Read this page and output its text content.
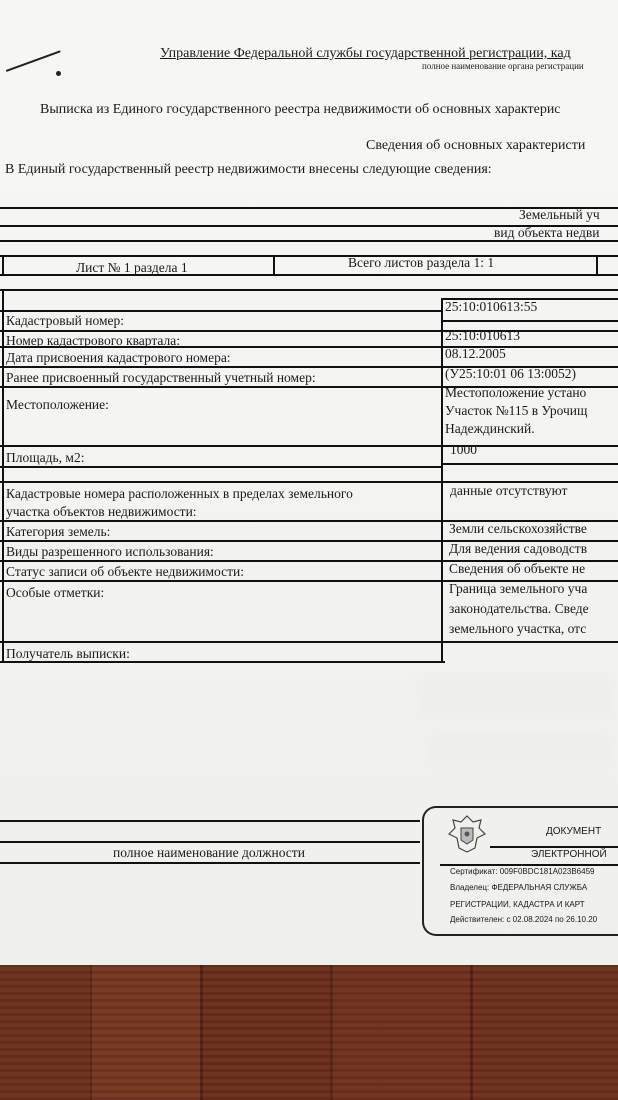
Управление Федеральной службы государственной регистрации, кад
полное наименование органа регистрации
Выписка из Единого государственного реестра недвижимости об основных характерис
Сведения об основных характеристи
В Единый государственный реестр недвижимости внесены следующие сведения:
Земельный уч
вид объекта недви
Лист № 1 раздела 1	Всего листов раздела 1: 1
Кадастровый номер:
25:10:010613:55
Номер кадастрового квартала:	25:10:010613
Дата присвоения кадастрового номера:	08.12.2005
Ранее присвоенный государственный учетный номер:	(У25:10:01 06 13:0052)
Местоположение:
Местоположение устано
Участок №115 в Урочищ
Надеждинский.
Площадь, м2:
1000
Кадастровые номера расположенных в пределах земельного
участка объектов недвижимости:
данные отсутствуют
Категория земель:	Земли сельскохозяйстве
Виды разрешенного использования:	Для ведения садоводств
Статус записи об объекте недвижимости:	Сведения об объекте не
Особые отметки:	Граница земельного уча
законодательства. Сведе
земельного участка, отс
Получатель выписки:
полное наименование должности
ДОКУМЕНТ
ЭЛЕКТРОННОЙ
Сертификат: 009F0BDC181A023B6459
Владелец: ФЕДЕРАЛЬНАЯ СЛУЖБА
РЕГИСТРАЦИИ, КАДАСТРА И КАРТ
Действителен: с 02.08.2024 по 26.10.20
